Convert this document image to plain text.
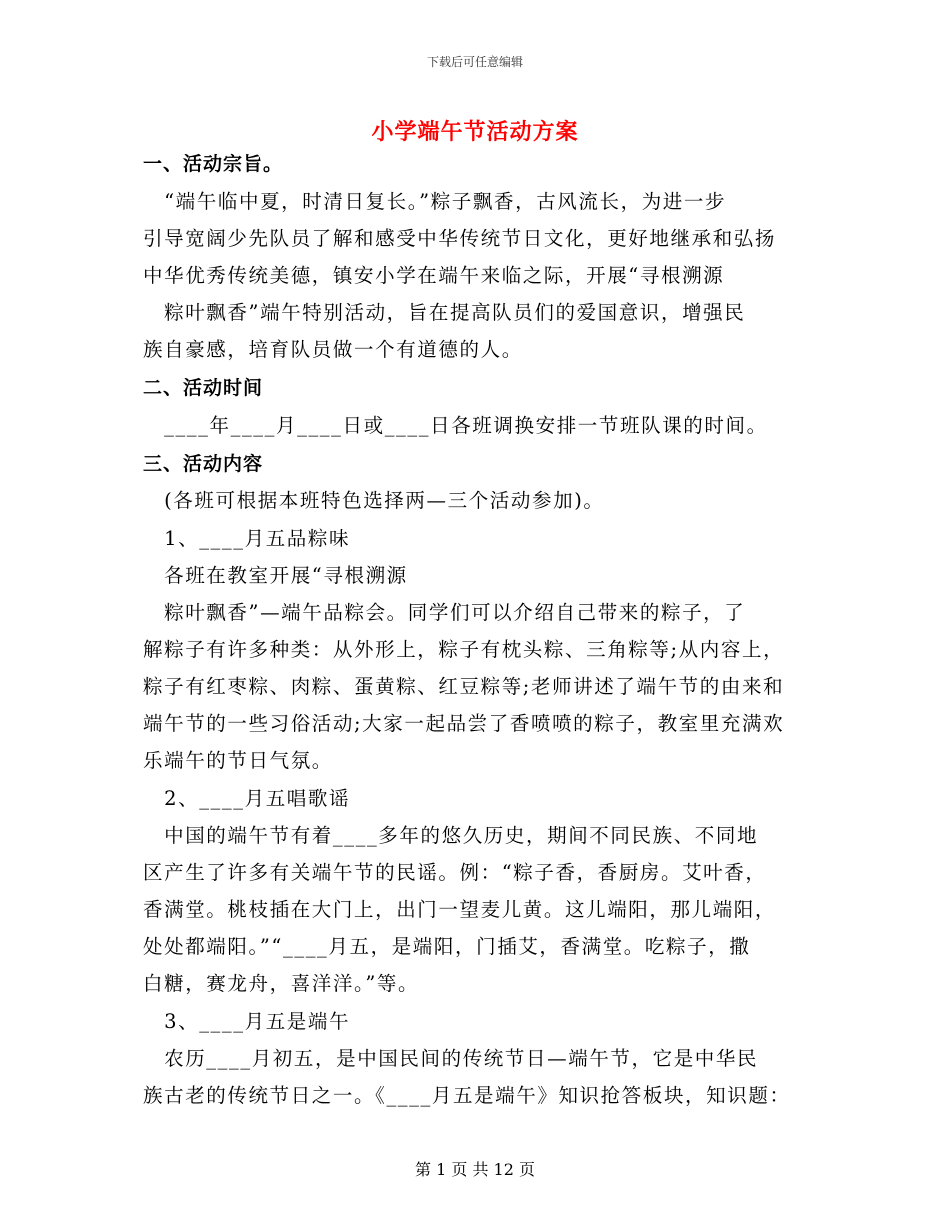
下载后可任意编辑
小学端午节活动方案
一、活动宗旨。
　“端午临中夏，时清日复长。”粽子飘香，古风流长，为进一步
引导宽阔少先队员了解和感受中华传统节日文化，更好地继承和弘扬
中华优秀传统美德，镇安小学在端午来临之际，开展“寻根溯源
　粽叶飘香”端午特别活动，旨在提高队员们的爱国意识，增强民
族自豪感，培育队员做一个有道德的人。
二、活动时间
　____年____月____日或____日各班调换安排一节班队课的时间。
三、活动内容
　(各班可根据本班特色选择两—三个活动参加)。
　1、____月五品粽味
　各班在教室开展“寻根溯源
　粽叶飘香”—端午品粽会。同学们可以介绍自己带来的粽子，了
解粽子有许多种类：从外形上，粽子有枕头粽、三角粽等;从内容上，
粽子有红枣粽、肉粽、蛋黄粽、红豆粽等;老师讲述了端午节的由来和
端午节的一些习俗活动;大家一起品尝了香喷喷的粽子，教室里充满欢
乐端午的节日气氛。
　2、____月五唱歌谣
　中国的端午节有着____多年的悠久历史，期间不同民族、不同地
区产生了许多有关端午节的民谣。例：“粽子香，香厨房。艾叶香，
香满堂。桃枝插在大门上，出门一望麦儿黄。这儿端阳，那儿端阳，
处处都端阳。”“____月五，是端阳，门插艾，香满堂。吃粽子，撒
白糖，赛龙舟，喜洋洋。”等。
　3、____月五是端午
　农历____月初五，是中国民间的传统节日—端午节，它是中华民
族古老的传统节日之一。《____月五是端午》知识抢答板块，知识题：
第 1 页 共 12 页
